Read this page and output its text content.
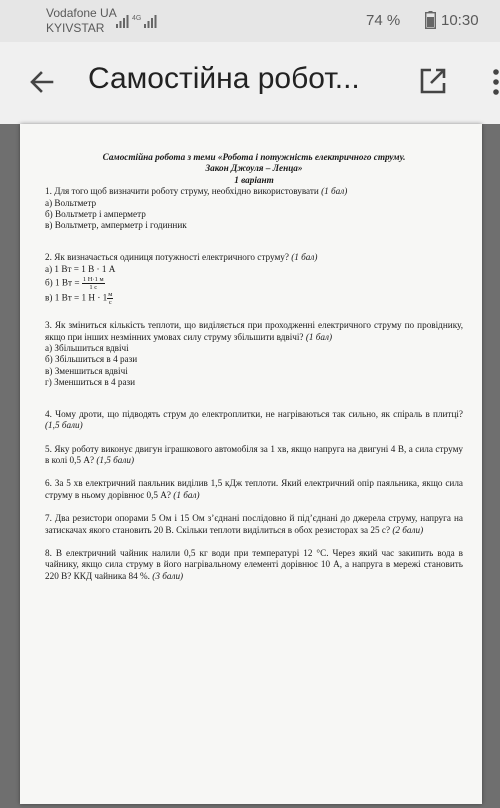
Vodafone UA
KYIVSTAR
4G	74 %	10:30
Самостійна робот...
Самостійна робота з теми «Робота і потужність електричного струму.
Закон Джоуля – Ленца»
1 варіант
1. Для того щоб визначити роботу струму, необхідно використовувати (1 бал)
а) Вольтметр
б) Вольтметр і амперметр
в) Вольтметр, амперметр і годинник
2. Як визначається одиниця потужності електричного струму? (1 бал)
а) 1 Вт = 1 В · 1 А
б) 1 Вт = $\frac{1 Н\cdot 1 м}{1 с}$
в) 1 Вт = 1 $Н \cdot 1 \frac{м}{с}$
3. Як зміниться кількість теплоти, що виділяється при проходженні електричного струму по провіднику, якщо при інших незмінних умовах силу струму збільшити вдвічі? (1 бал)
а) Збільшиться вдвічі
б) Збільшиться в 4 рази
в) Зменшиться вдвічі
г) Зменшиться в 4 рази
4. Чому дроти, що підводять струм до електроплитки, не нагріваються так сильно, як спіраль в плитці? (1,5 бали)
5. Яку роботу виконує двигун іграшкового автомобіля за 1 хв, якщо напруга на двигуні 4 В, а сила струму в колі 0,5 А? (1,5 бали)
6. За 5 хв електричний паяльник виділив 1,5 кДж теплоти. Який електричний опір паяльника, якщо сила струму в ньому дорівнює 0,5 А? (1 бал)
7. Два резистори опорами 5 Ом і 15 Ом з’єднані послідовно й під’єднані до джерела струму, напруга на затискачах якого становить 20 В. Скільки теплоти виділиться в обох резисторах за 25 с? (2 бали)
8. В електричний чайник налили 0,5 кг води при температурі 12 °С. Через який час закипить вода в чайнику, якщо сила струму в його нагрівальному елементі дорівнює 10 А, а напруга в мережі становить 220 В? ККД чайника 84 %. (3 бали)
